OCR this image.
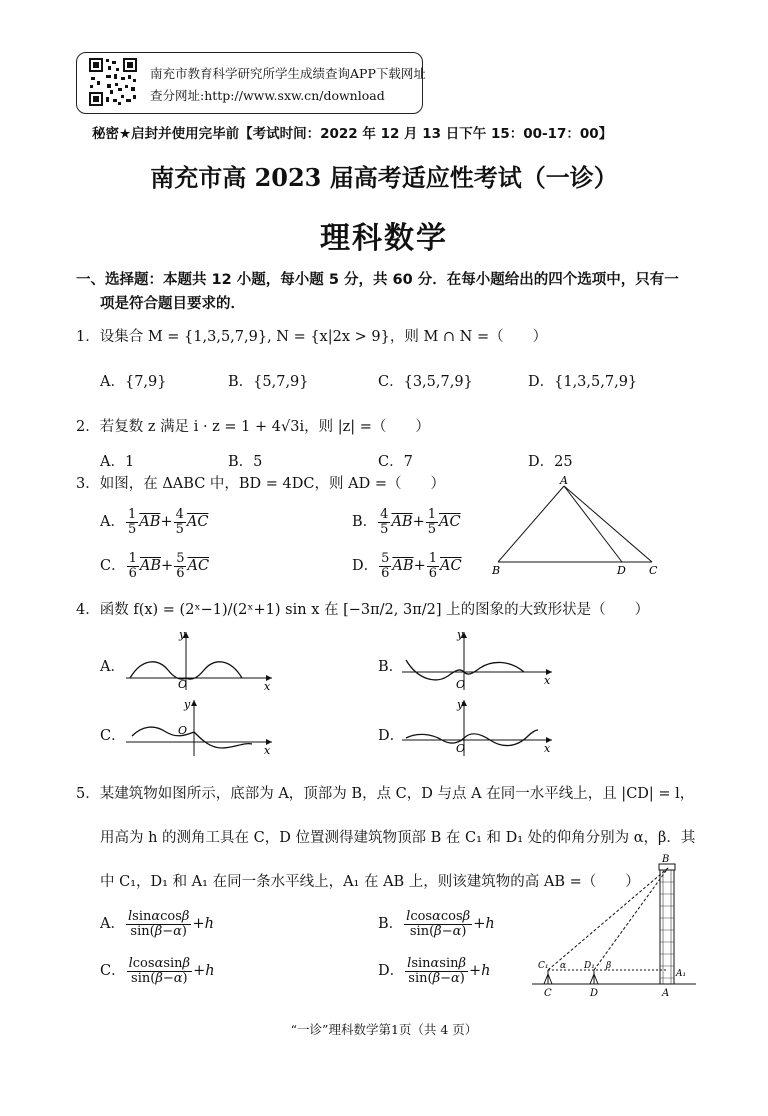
南充市教育科学研究所学生成绩查询APP下载网址
查分网址:http://www.sxw.cn/download
秘密★启封并使用完毕前【考试时间：2022 年 12 月 13 日下午 15：00-17：00】
南充市高 2023 届高考适应性考试（一诊）
理科数学
一、选择题：本题共 12 小题，每小题 5 分，共 60 分．在每小题给出的四个选项中，只有一
项是符合题目要求的．
1．设集合 M = {1,3,5,7,9}, N = {x|2x > 9}，则 M ∩ N =（　　）
A．{7,9}	B．{5,7,9}	C．{3,5,7,9}	D．{1,3,5,7,9}
2．若复数 z 满足 i · z = 1 + 4√3i，则 |z| =（　　）
A．1	B．5	C．7	D．25
3．如图，在 ΔABC 中，BD = 4DC，则 AD =（　　）
A． $\frac{1}{5} \overline{AB}+ \frac{4}{5} \overline{AC}$	B． $\frac{4}{5} \overline{AB}+ \frac{1}{5} \overline{AC}$
C． $\frac{1}{6} \overline{AB}+ \frac{5}{6} \overline{AC}$	D． $\frac{5}{6} \overline{AB}+ \frac{1}{6} \overline{AC}$
A
B	D C
4．函数 f(x) = (2ˣ−1)/(2ˣ+1) sin x 在 [−3π/2, 3π/2] 上的图象的大致形状是（　　）
A．
y
x
O
B．
y
x
O
C．
y
x
O	D．
y
x
O
5．某建筑物如图所示，底部为 A，顶部为 B，点 C，D 与点 A 在同一水平线上，且 |CD| = l，
用高为 h 的测角工具在 C，D 位置测得建筑物顶部 B 在 C₁ 和 D₁ 处的仰角分别为 α，β．其
中 C₁，D₁ 和 A₁ 在同一条水平线上，A₁ 在 AB 上，则该建筑物的高 AB =（　　）
A． $\frac{lsin\alpha\cos\beta}{\sin(\beta-\alpha)} +h$	B． $\frac{lcos\alpha\cos\beta}{\sin(\beta-\alpha)} +h$
C． $\frac{lcos\alpha\sin\beta}{\sin(\beta-\alpha)} +h$	D． $\frac{lsin\alpha\sin\beta}{\sin(\beta-\alpha)} +h$
B
C₁ α D₁ β
A₁
C	D	A
“一诊”理科数学第1页（共 4 页）
